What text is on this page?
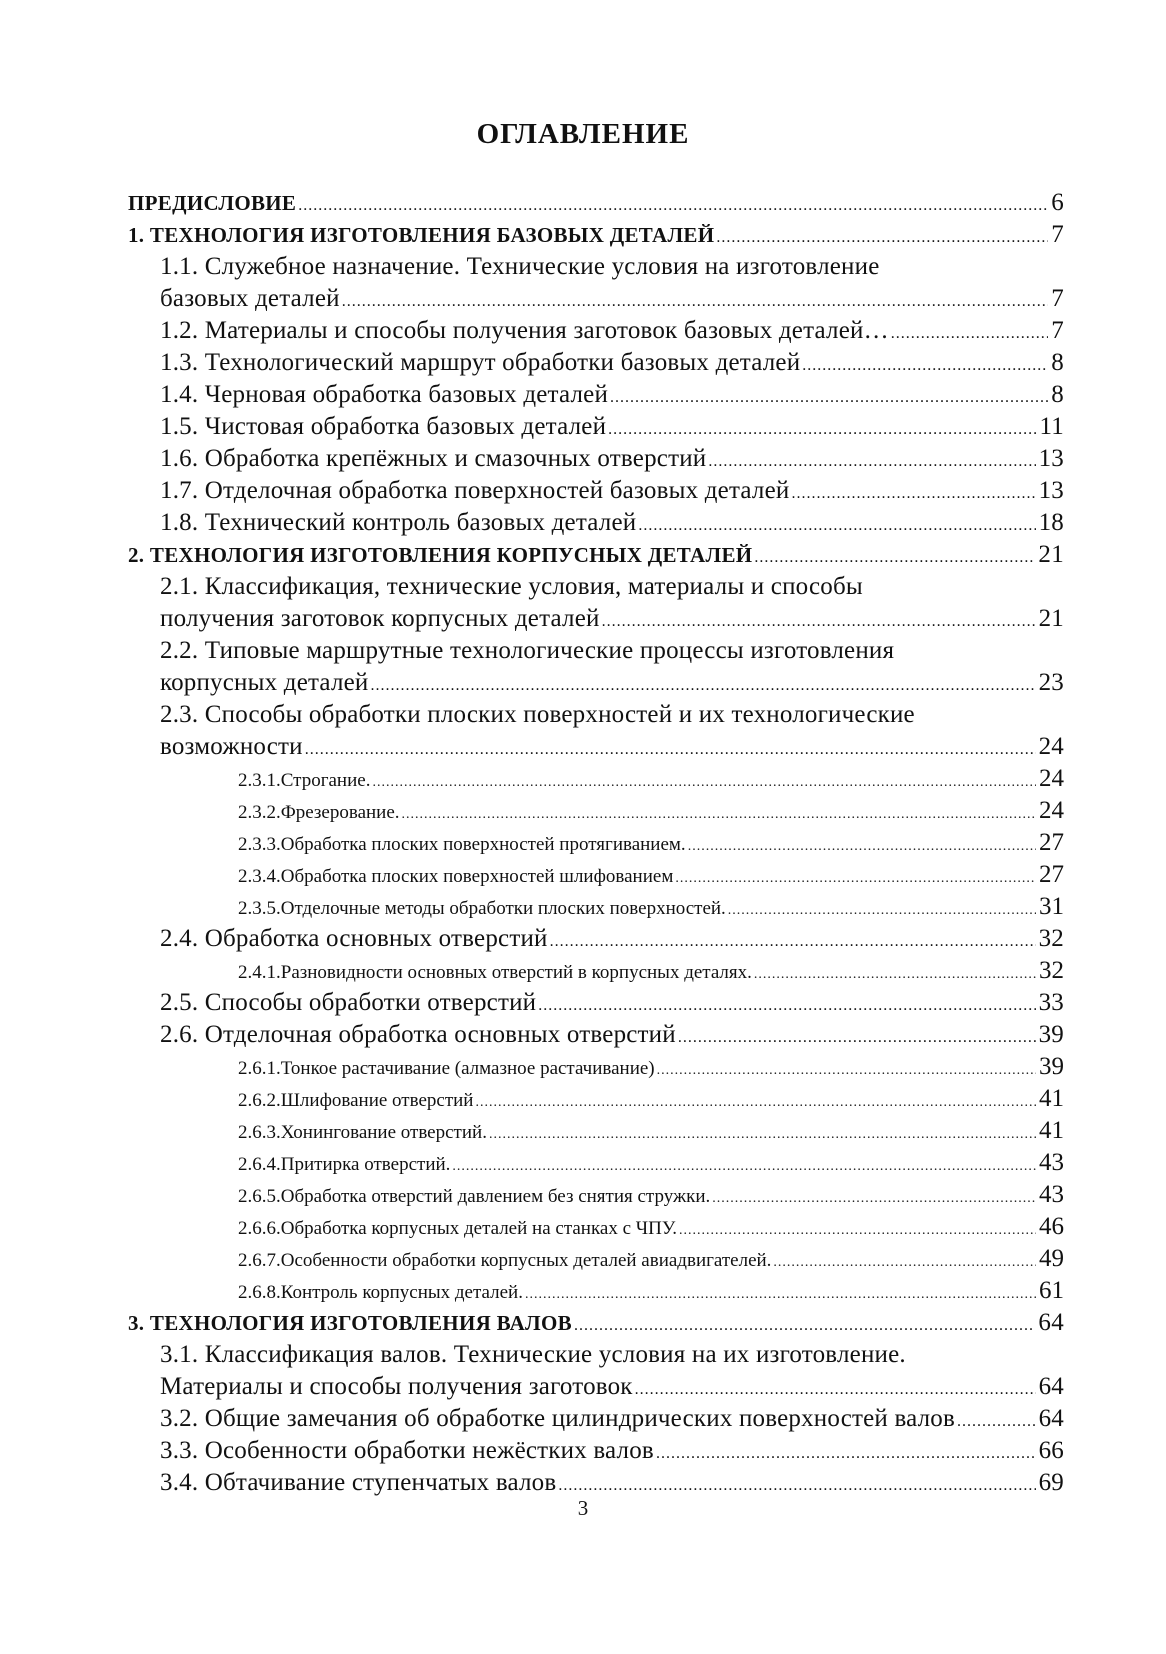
ОГЛАВЛЕНИЕ
ПРЕДИСЛОВИЕ .....	6
1. ТЕХНОЛОГИЯ ИЗГОТОВЛЕНИЯ БАЗОВЫХ ДЕТАЛЕЙ .....	7
1.1. Служебное назначение. Технические условия на изготовление
базовых деталей .....	7
1.2. Материалы и способы получения заготовок базовых деталей… .....	7
1.3. Технологический маршрут обработки базовых деталей .....	8
1.4. Черновая обработка базовых деталей .....	8
1.5. Чистовая обработка базовых деталей .....	11
1.6. Обработка крепёжных и смазочных отверстий .....	13
1.7. Отделочная обработка поверхностей базовых деталей .....	13
1.8. Технический контроль базовых деталей .....	18
2. ТЕХНОЛОГИЯ ИЗГОТОВЛЕНИЯ КОРПУСНЫХ ДЕТАЛЕЙ .....	21
2.1. Классификация, технические условия, материалы и способы
получения заготовок корпусных деталей .....	21
2.2. Типовые маршрутные технологические процессы изготовления
корпусных деталей .....	23
2.3. Способы обработки плоских поверхностей и их технологические
возможности .....	24
2.3.1. Строгание. .....	24
2.3.2. Фрезерование. .....	24
2.3.3. Обработка плоских поверхностей протягиванием. .....	27
2.3.4. Обработка плоских поверхностей шлифованием .....	27
2.3.5. Отделочные методы обработки плоских поверхностей. .....	31
2.4. Обработка основных отверстий .....	32
2.4.1. Разновидности основных отверстий в корпусных деталях. .....	32
2.5. Способы обработки отверстий .....	33
2.6. Отделочная обработка основных отверстий .....	39
2.6.1. Тонкое растачивание (алмазное растачивание) .....	39
2.6.2. Шлифование отверстий .....	41
2.6.3. Хонингование отверстий. .....	41
2.6.4. Притирка отверстий. .....	43
2.6.5. Обработка отверстий давлением без снятия стружки. .....	43
2.6.6. Обработка корпусных деталей на станках с ЧПУ. .....	46
2.6.7. Особенности обработки корпусных деталей авиадвигателей. .....	49
2.6.8. Контроль корпусных деталей. .....	61
3. ТЕХНОЛОГИЯ ИЗГОТОВЛЕНИЯ ВАЛОВ .....	64
3.1. Классификация валов. Технические условия на их изготовление.
Материалы и способы получения заготовок .....	64
3.2. Общие замечания об обработке цилиндрических поверхностей валов .....	64
3.3. Особенности обработки нежёстких валов .....	66
3.4. Обтачивание ступенчатых валов .....	69
3
